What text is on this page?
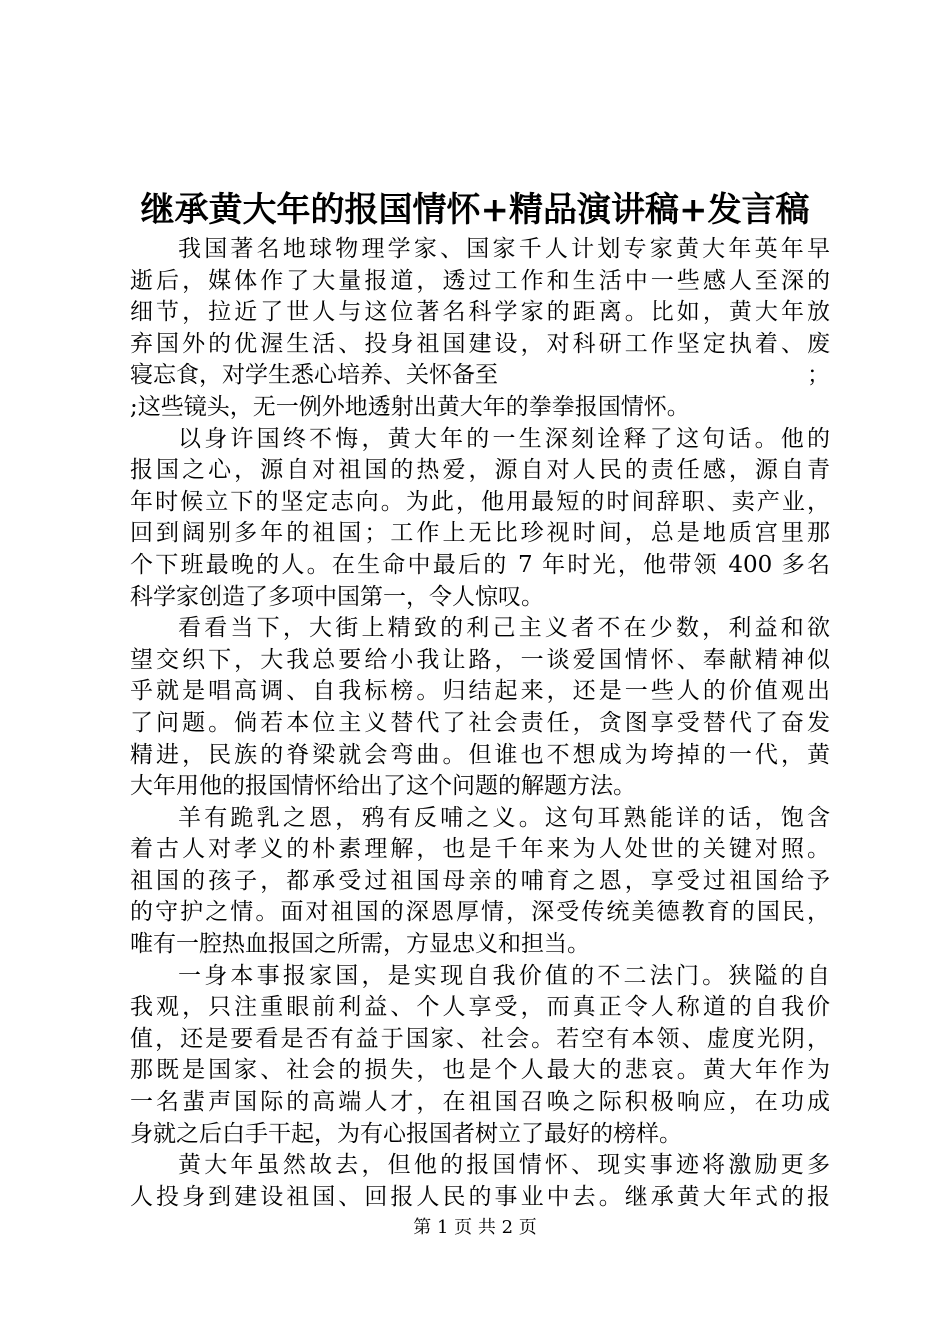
继承黄大年的报国情怀+精品演讲稿+发言稿
我国著名地球物理学家、国家千人计划专家黄大年英年早
逝后，媒体作了大量报道，透过工作和生活中一些感人至深的
细节，拉近了世人与这位著名科学家的距离。比如，黄大年放
弃国外的优渥生活、投身祖国建设，对科研工作坚定执着、废
寝忘食，对学生悉心培养、关怀备至	；
;这些镜头，无一例外地透射出黄大年的拳拳报国情怀。
以身许国终不悔，黄大年的一生深刻诠释了这句话。他的
报国之心，源自对祖国的热爱，源自对人民的责任感，源自青
年时候立下的坚定志向。为此，他用最短的时间辞职、卖产业，
回到阔别多年的祖国；工作上无比珍视时间，总是地质宫里那
个下班最晚的人。在生命中最后的 7 年时光，他带领 400 多名
科学家创造了多项中国第一，令人惊叹。
看看当下，大街上精致的利己主义者不在少数，利益和欲
望交织下，大我总要给小我让路，一谈爱国情怀、奉献精神似
乎就是唱高调、自我标榜。归结起来，还是一些人的价值观出
了问题。倘若本位主义替代了社会责任，贪图享受替代了奋发
精进，民族的脊梁就会弯曲。但谁也不想成为垮掉的一代，黄
大年用他的报国情怀给出了这个问题的解题方法。
羊有跪乳之恩，鸦有反哺之义。这句耳熟能详的话，饱含
着古人对孝义的朴素理解，也是千年来为人处世的关键对照。
祖国的孩子，都承受过祖国母亲的哺育之恩，享受过祖国给予
的守护之情。面对祖国的深恩厚情，深受传统美德教育的国民，
唯有一腔热血报国之所需，方显忠义和担当。
一身本事报家国，是实现自我价值的不二法门。狭隘的自
我观，只注重眼前利益、个人享受，而真正令人称道的自我价
值，还是要看是否有益于国家、社会。若空有本领、虚度光阴，
那既是国家、社会的损失，也是个人最大的悲哀。黄大年作为
一名蜚声国际的高端人才，在祖国召唤之际积极响应，在功成
身就之后白手干起，为有心报国者树立了最好的榜样。
黄大年虽然故去，但他的报国情怀、现实事迹将激励更多
人投身到建设祖国、回报人民的事业中去。继承黄大年式的报
第 1 页 共 2 页
